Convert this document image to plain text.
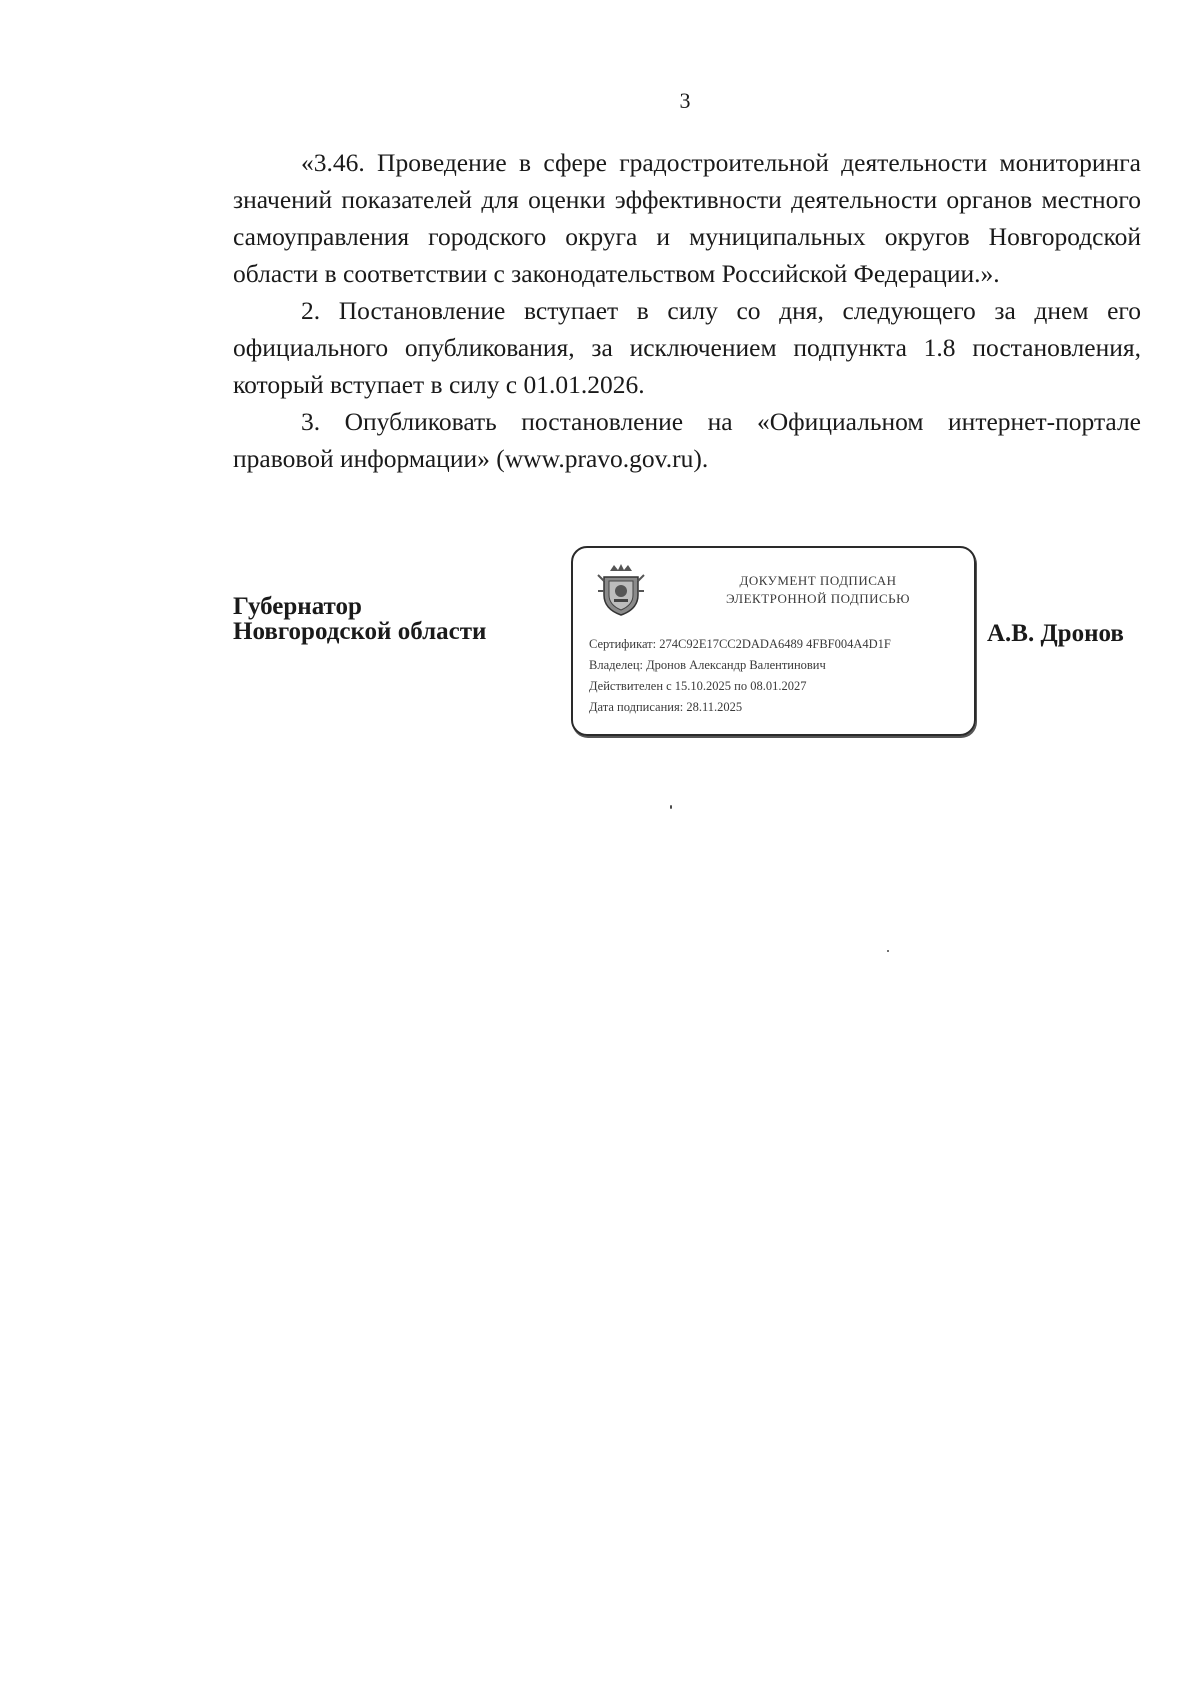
3

«3.46. Проведение в сфере градостроительной деятельности мониторинга значений показателей для оценки эффективности деятельности органов местного самоуправления городского округа и муниципальных округов Новгородской области в соответствии с законодательством Российской Федерации.».

2. Постановление вступает в силу со дня, следующего за днем его официального опубликования, за исключением подпункта 1.8 постановления, который вступает в силу с 01.01.2026.

3. Опубликовать постановление на «Официальном интернет-портале правовой информации» (www.pravo.gov.ru).

Губернатор
Новгородской области
ДОКУМЕНТ ПОДПИСАН
ЭЛЕКТРОННОЙ ПОДПИСЬЮ
Сертификат: 274C92E17CC2DADA6489 4FBF004A4D1F
Владелец: Дронов Александр Валентинович
Действителен с 15.10.2025 по 08.01.2027
Дата подписания: 28.11.2025
А.В. Дронов
